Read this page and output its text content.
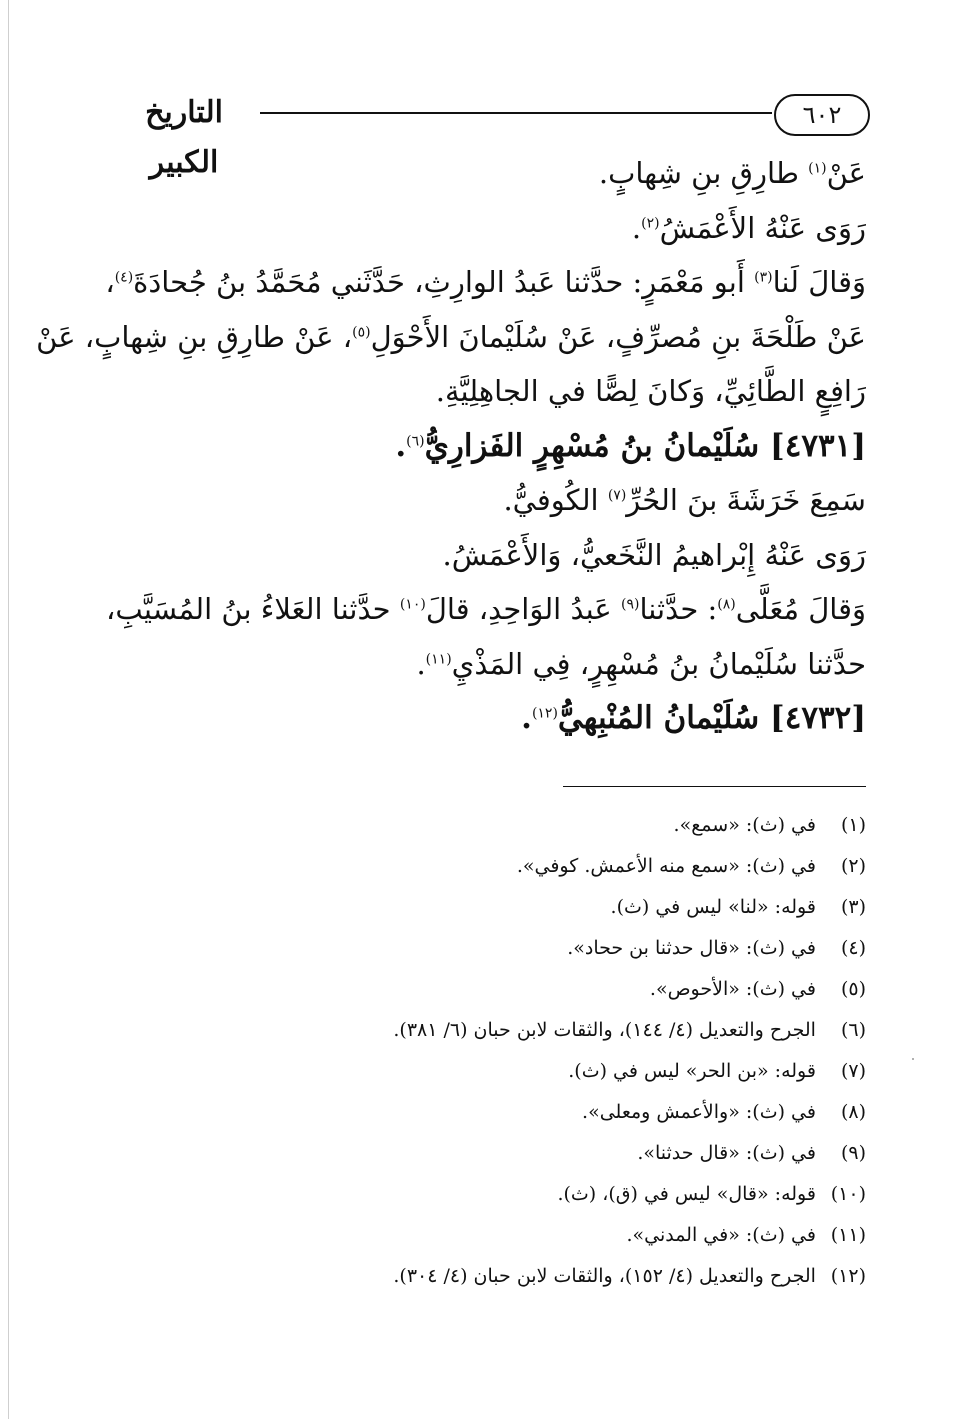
التاريخ الكبير
٦٠٢
عَنْ$^{(١)}$ طارِقِ بنِ شِهابٍ.
رَوَى عَنْهُ الأَعْمَشُ$^{(٢)}$.
وَقالَ لَنا$^{(٣)}$ أَبو مَعْمَرٍ: حدَّثنا عَبدُ الوارِثِ، حَدَّثَني مُحَمَّدُ بنُ جُحادَةَ$^{(٤)}$،
عَنْ طَلْحَةَ بنِ مُصرِّفٍ، عَنْ سُلَيْمانَ الأَحْوَلِ$^{(٥)}$، عَنْ طارِقِ بنِ شِهابٍ، عَنْ
رَافِعٍ الطَّائِيِّ، وَكانَ لِصًّا في الجاهِلِيَّةِ.
[٤٧٣١] سُلَيْمانُ بنُ مُسْهِرٍ الفَزارِيُّ$^{(٦)}$.
سَمِعَ خَرَشَةَ بنَ الحُرِّ$^{(٧)}$ الكُوفيُّ.
رَوَى عَنْهُ إِبْراهيمُ النَّخَعيُّ، وَالأَعْمَشُ.
وَقالَ مُعَلَّى$^{(٨)}$: حدَّثنا$^{(٩)}$ عَبدُ الوَاحِدِ، قالَ$^{(١٠)}$ حدَّثنا العَلاءُ بنُ المُسَيَّبِ،
حدَّثنا سُلَيْمانُ بنُ مُسْهِرٍ، فِي المَذْيِ$^{(١١)}$.
[٤٧٣٢] سُلَيْمانُ المُنْبِهيُّ$^{(١٢)}$.
(١) في (ث): «سمع».
(٢) في (ث): «سمع منه الأعمش. كوفي».
(٣) قوله: «لنا» ليس في (ث).
(٤) في (ث): «قال حدثنا بن ححاد».
(٥) في (ث): «الأحوص».
(٦) الجرح والتعديل (٤/ ١٤٤)، والثقات لابن حبان (٦/ ٣٨١).
(٧) قوله: «بن الحر» ليس في (ث).
(٨) في (ث): «والأعمش ومعلى».
(٩) في (ث): «قال حدثنا».
(١٠) قوله: «قال» ليس في (ق)، (ث).
(١١) في (ث): «في المدني».
(١٢) الجرح والتعديل (٤/ ١٥٢)، والثقات لابن حبان (٤/ ٣٠٤).
